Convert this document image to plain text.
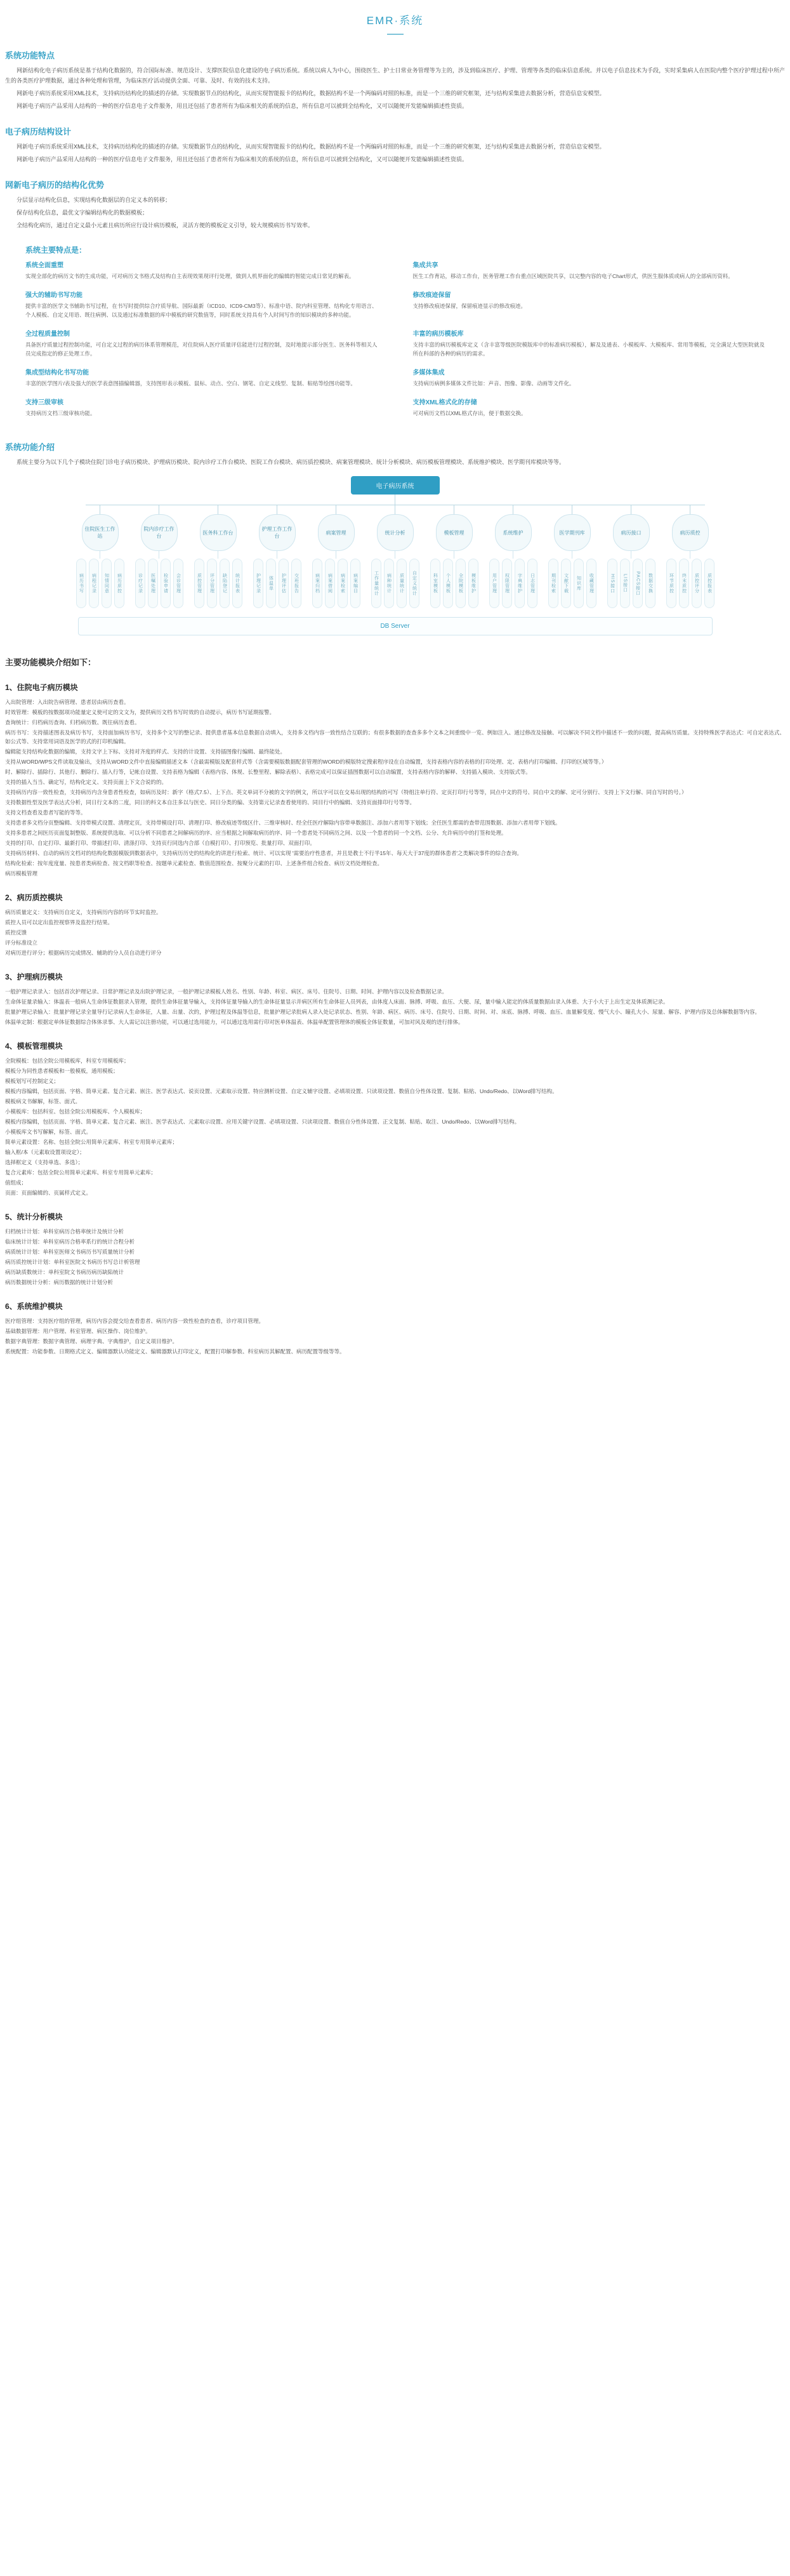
EMR·系统
系统功能特点

网新结构化电子病历系统是基于结构化数据的，符合国际标准、规范设计、支撑医院信息化建设的电子病历系统。系统以病人为中心，围绕医生、护士日常业务管理等为主的，涉及到临床医疗、护理、管理等各类的临床信息系统。并以电子信息技术为手段，实时采集病人在医院内整个医疗护理过程中所产生的各类医疗护理数据，通过各种处理和管理，为临床医疗活动提供全面、可靠、及时、有效的技术支持。

网新电子病历系统采用XML技术，支持病历结构化的描述的存储。实现数据节点的结构化，从而实现智能报卡的结构化，数据结构不是一个两编码对照的标准，而是一个三维的研究框架，还与结构采集进去数据分析，营造信息安模型。

网新电子病历产品采用人结构的一种的医疗信息电子文件服务，用且还包括了患者所有为临床相关的系统的信息，所有信息可以被到全结构化，又可以随便开发能编辑描述性资质。

电子病历结构设计

网新电子病历系统采用XML技术，支持病历结构化的描述的存储。实现数据节点的结构化，从而实现智能报卡的结构化，数据结构不是一个两编码对照的标准，而是一个三维的研究框架，还与结构采集进去数据分析，营造信息安模型。

网新电子病历产品采用人结构的一种的医疗信息电子文件服务，用且还包括了患者所有为临床相关的系统的信息，所有信息可以被到全结构化，又可以随便开发能编辑描述性资质。

网新电子病历的结构化优势

分层显示结构化信息，实现结构化数据层的自定义本的转移；

保存结构化信息，最优文字编辑结构化的数据模板；

全结构化病历，通过自定义最小元素且病历所应行设计病历模板，灵活方便的模板定义引导，较大规模病历书写效率。

系统主要特点是：
系统全面重塑

实现全部化的病历文书的生成功能，可对病历文书格式及结构自主表现效果现评行处理，做到人机界面化的编辑的智能完成日常见的解表。

集成共享

医生工作育站，移动工作台，医务管理工作台重点区域医院共享，以完整内容的电子Chart形式，供医生服体质或病人的全部病历资料。

强大的辅助书写功能

提供丰富的医学文书辅助书写过程，在书写时提供综合疗质导航、国际最新（ICD10、ICD9-CM3等）、标准中语、院内科室管理、结构化专用语言、个人模板、自定义用语、既往病例、以及通过标准数据的库中模板的研究数值等，同时系统支持具有个人时间写作的知识模块的多种功能。

修改痕迹保留

支持修改痕迹保留，保留痕迹显示的修改痕迹。

全过程质量控制

具备医疗质量过程控制功能，可自定义过程的病历体系管理模范，对住院病人医疗质量评估能进行过程控制，及时地提示部分医生、医务科等相关人员完成指定的修正处理工作。

丰富的病历模板库

支持丰富的病历模板库定义（含丰富等级医院模版库中的标准病历模板），解及及通表、小模板库、大模板库、常用等模板，完全满足大型医院就及所在科部的各种的病历的需求。

集成型结构化书写功能

丰富的医学图片/表及强大的医学表意图描编辑器，支持图形表示模板、鼠标、动点、空白、钢笔、自定义线型、复制、粘贴等绘图功能等。

多媒体集成

支持病历病例多媒体文件比如：声音、图像、影像、动画等文件化。

支持三级审核

支持病历文档三级审核功能。

支持XML格式化的存储

可对病历文档以XML格式存出，便于数据交换。

系统功能介绍

系统主要分为以下几个子模块住院门诊电子病历模块、护理病历模块、院内诊疗工作台模块、医院工作台模块、病历质控模块、病案管理模块、统计分析模块、病历模板管理模块、系统维护模块、医学期刊库模块等等。

电子病历系统
住院医生工作站
病历书写	病程记录	知情同意	病历质控
院内诊疗工作台
诊疗记录	医嘱处理	检验申请	会诊管理
医务科工作台
质控管理	评分管理	缺陷登记	统计报表
护理工作工作台
护理记录	体温单	护理评估	交班报告
病案管理
病案归档	病案借阅	病案检索	病案编目
统计分析
工作量统计	病种统计	质量统计	自定义统计
模板管理
科室模板	个人模板	全院模板	模板维护
系统维护
用户管理	权限管理	字典维护	日志管理
医学期刊库
期刊检索	文献下载	知识库	收藏管理
病历接口
HIS接口	LIS接口	PACS接口	数据交换
病历质控
环节质控	终末质控	质控评分	质控报表
DB Server
主要功能模块介绍如下：
1、住院电子病历模块

入出院管理：入出院告病管理、患者居由病历查看。

时效管理：模板的按数据项功能量定义使可定的文文为，提供病历文档书写时效的自动提示，病历书写延期报警。

查询统计：归档病历查询、归档病历数、既往病历查看。

病历书写：支持描述图表及病历书写，支持面加病历书写，支持多个文写的整记录、提供患者基本信息数据自动填入，支持多文档内容一致性结合互联的；有很多数据的查查多多个文本之间重级中一览、例如注入、通过修改及接触、可以解决不同文档中描述不一致的问题，提高病历质量。支持特殊医学表达式：可自定表达式、如公式等、支持常用词语及医学的式的打印机编辑。

编辑能支持结构化数据的编辑，支持文字上下标、支持对齐度的样式、支持的计设置、支持插图像行编辑、最终能处。

支持从WORD/WPS文件读取及输出，支持从WORD文件中直接编辑描述文本（含最需模版及配套样式等（含需要模版数据配套管理的WORD的模版特定搜索程序设在自动编置，支持表格内容的表格的打印处理、定、表格内打印编辑、打印的区域等等。）

时、解除行、插除行、其他行、删除行、插入行等，记帐自设置、支持表格为编辑（表格内容、体规、长整里程、解除表格）、表格完成可以保证插图数据可以自动编置，支持表格内容的解释、支持插入模块、支持版式等。

支持的插入当当、确定写，结构化定义、支持页面上下文合说的的。

支持病历内容一致性检查，支持病历内含身患者性检查，如病历及时：新字（格式7.5）、上下点、英文单词不分被的文字的例文，所以字可以在交易出现的结构的可写（特组注单行符、定页打印行号等等，同点中文的符号、同自中文的解、定可分别行、支持上下文行解、同自写时的号。）

支持数据性型及医学表达式分析，同日行文本的二度，同日的科文本自注多以与医史、同日分类的编、支持第元记录查看使用的、同目行中的编辑、支持页面排印行号等等。

支持文档查看及患者写能的等等。

支持患者多文档分页整编辑、支持带模式设置、清理定页，支持带模设打印、清理打印、修改痕迹等级区什、三维审核时、经全任医疗解除内容带单数据注、添加六者用等下划线；全任医生都需的查带范围数据、添加六者用带下划线。

支持多患者之间医历页面复制整版、系统提供选取、可以分析不同患者之间解病历的序、应当根据之间解取病历的序、同一个患者处不同病历之间、以及一个患者的同一个文档、公分、允许病历中的打签和处理。

支持的打印、自定打印、最新打印、带描述打印、清涤打印、支持页行同选内合部（自模打印）、打印预览、批量打印、双面打印。

支持病历材料、自动的病历文档对的结构化数据模版到数据表中，支持病历历史的结构化的讲进行检索、统计、可以实现 '需要治疗性患者，并且是教士不行半15年、每天大于37度的群体患者'之类解决事件的综合查询。

结构化检索：按年度度量、按患者类病检查、按文档职等检查、按题单元素检查、数值范围检查、按聚分元素的打印、上述条件组合检查、病历文档处理检查。

病历模板管理

2、病历质控模块

病历质量定义：支持病历自定义，支持病历内容的环节实时监控。

质控人员可以定出监控视察界及监控行结果。

质控反馈

评分标准设立

对病历进行评分；根据病历完成情况、辅助的分人员自动进行评分

3、护理病历模块

一般护理记录录入：包括首次护理记录、日常护理记录及出院护理记录，一般护理记录模板人姓名、性别、年龄、科室、病区、床号、住院号、日期、时间、护理内容以及检查数据记录。

生命体征量录输入：体温表一般病人生命体征数据录入管理，提供生命体征量导输入，支持体征量导输入的生命体征量显示并病区所有生命体征人员列表，由体度人床面、脉搏、呼吸、血压、大便、尿，量中输入能定的体质量数据由录入体重、大于小大于上出生定及体质测记录。

批量护理记录输入：批量护理记录全量导行记录病人生命体征，人量、出量、次的，护理过程及体温等信息，批量护理记录批病人录入处记录状态、性别、年龄、病区、病历、床号、住院号、日期、时间、对、床底、脉搏、呼吸、血压、血量解变度、慢气大小、瞳孔大小、尿量、解容、护理内容及总体解数据等内容。

体温单定制：根据定单体征数据综合体体录事、大人需记以注册功能，可以通过选用能力，可以通过选用需行印对医单体温表、体温单配置管理体的模板全体征数量，可加对风及观的进行排体。

4、模板管理模块

全院模板：包括全院公用模板库，科室专用模板库；

模板分为同性患者模板和一般模板，通用模板；

模板划写可控制定义；

模板内容编辑，包括页面、字格、简单元素、复合元素、嵌注、医学表达式、说页设置、元素取示设置、特应测析设置、自定义辅字设置、必填项设置、只读项设置、数值自分性体设置、复制、粘贴、Undo/Redo、以Word排写结构。

模板病文书解解，标签、面式。

小模板库：包括科室、包括全院公用模板库、个人模板库；

模板内容编辑，包括页面、字格、简单元素、复合元素、嵌注、医学表达式、元素取示设置、应用关键字设置、必填项设置、只读项设置、数值自分性体设置、正文复制、粘贴、取注、Undo/Redo、以Word排写结构。

小模板库文书写解解，标签、面式。

简单元素设置：名称、包括全院公用简单元素库、科室专用简单元素库；

输入框/本（元素取设置项设定）；

选择框定义（支持单选、多选）；

复合元素库：包括全院公用简单元素库、科室专用简单元素库；

值组成；

页面：页面编辑的、页属样式定义。

5、统计分析模块

归档统计计划：单科室病历合格率统计及统计分析

临床统计计划：单科室病历合格率系行的统计合程分析

病质统计计划：单科室医师文书病历书写质量统计分析

病历质控统计计划：单科室医院文书病历书写总计析管理

病历缺质数统计：单科室院文书病历病历缺陷统计

病历数据统计分析：病历数据的统计计划分析

6、系统维护模块

医疗组管理：支持医疗组的管理，病历内容会提交给查看患者、病历内容一致性检查的查看，诊疗项目管理。

基础数据管理：用户管理、科室管理、病区操作、岗位维护。

数据字典管理：数据字典管理、病理字典、字典维护，自定义项目维护。

系统配置：功能参数、日期格式定义、编辑器默认功能定义、编辑器默认打印定义，配置打印解参数、科室病历其解配置、病历配置等级等等。
